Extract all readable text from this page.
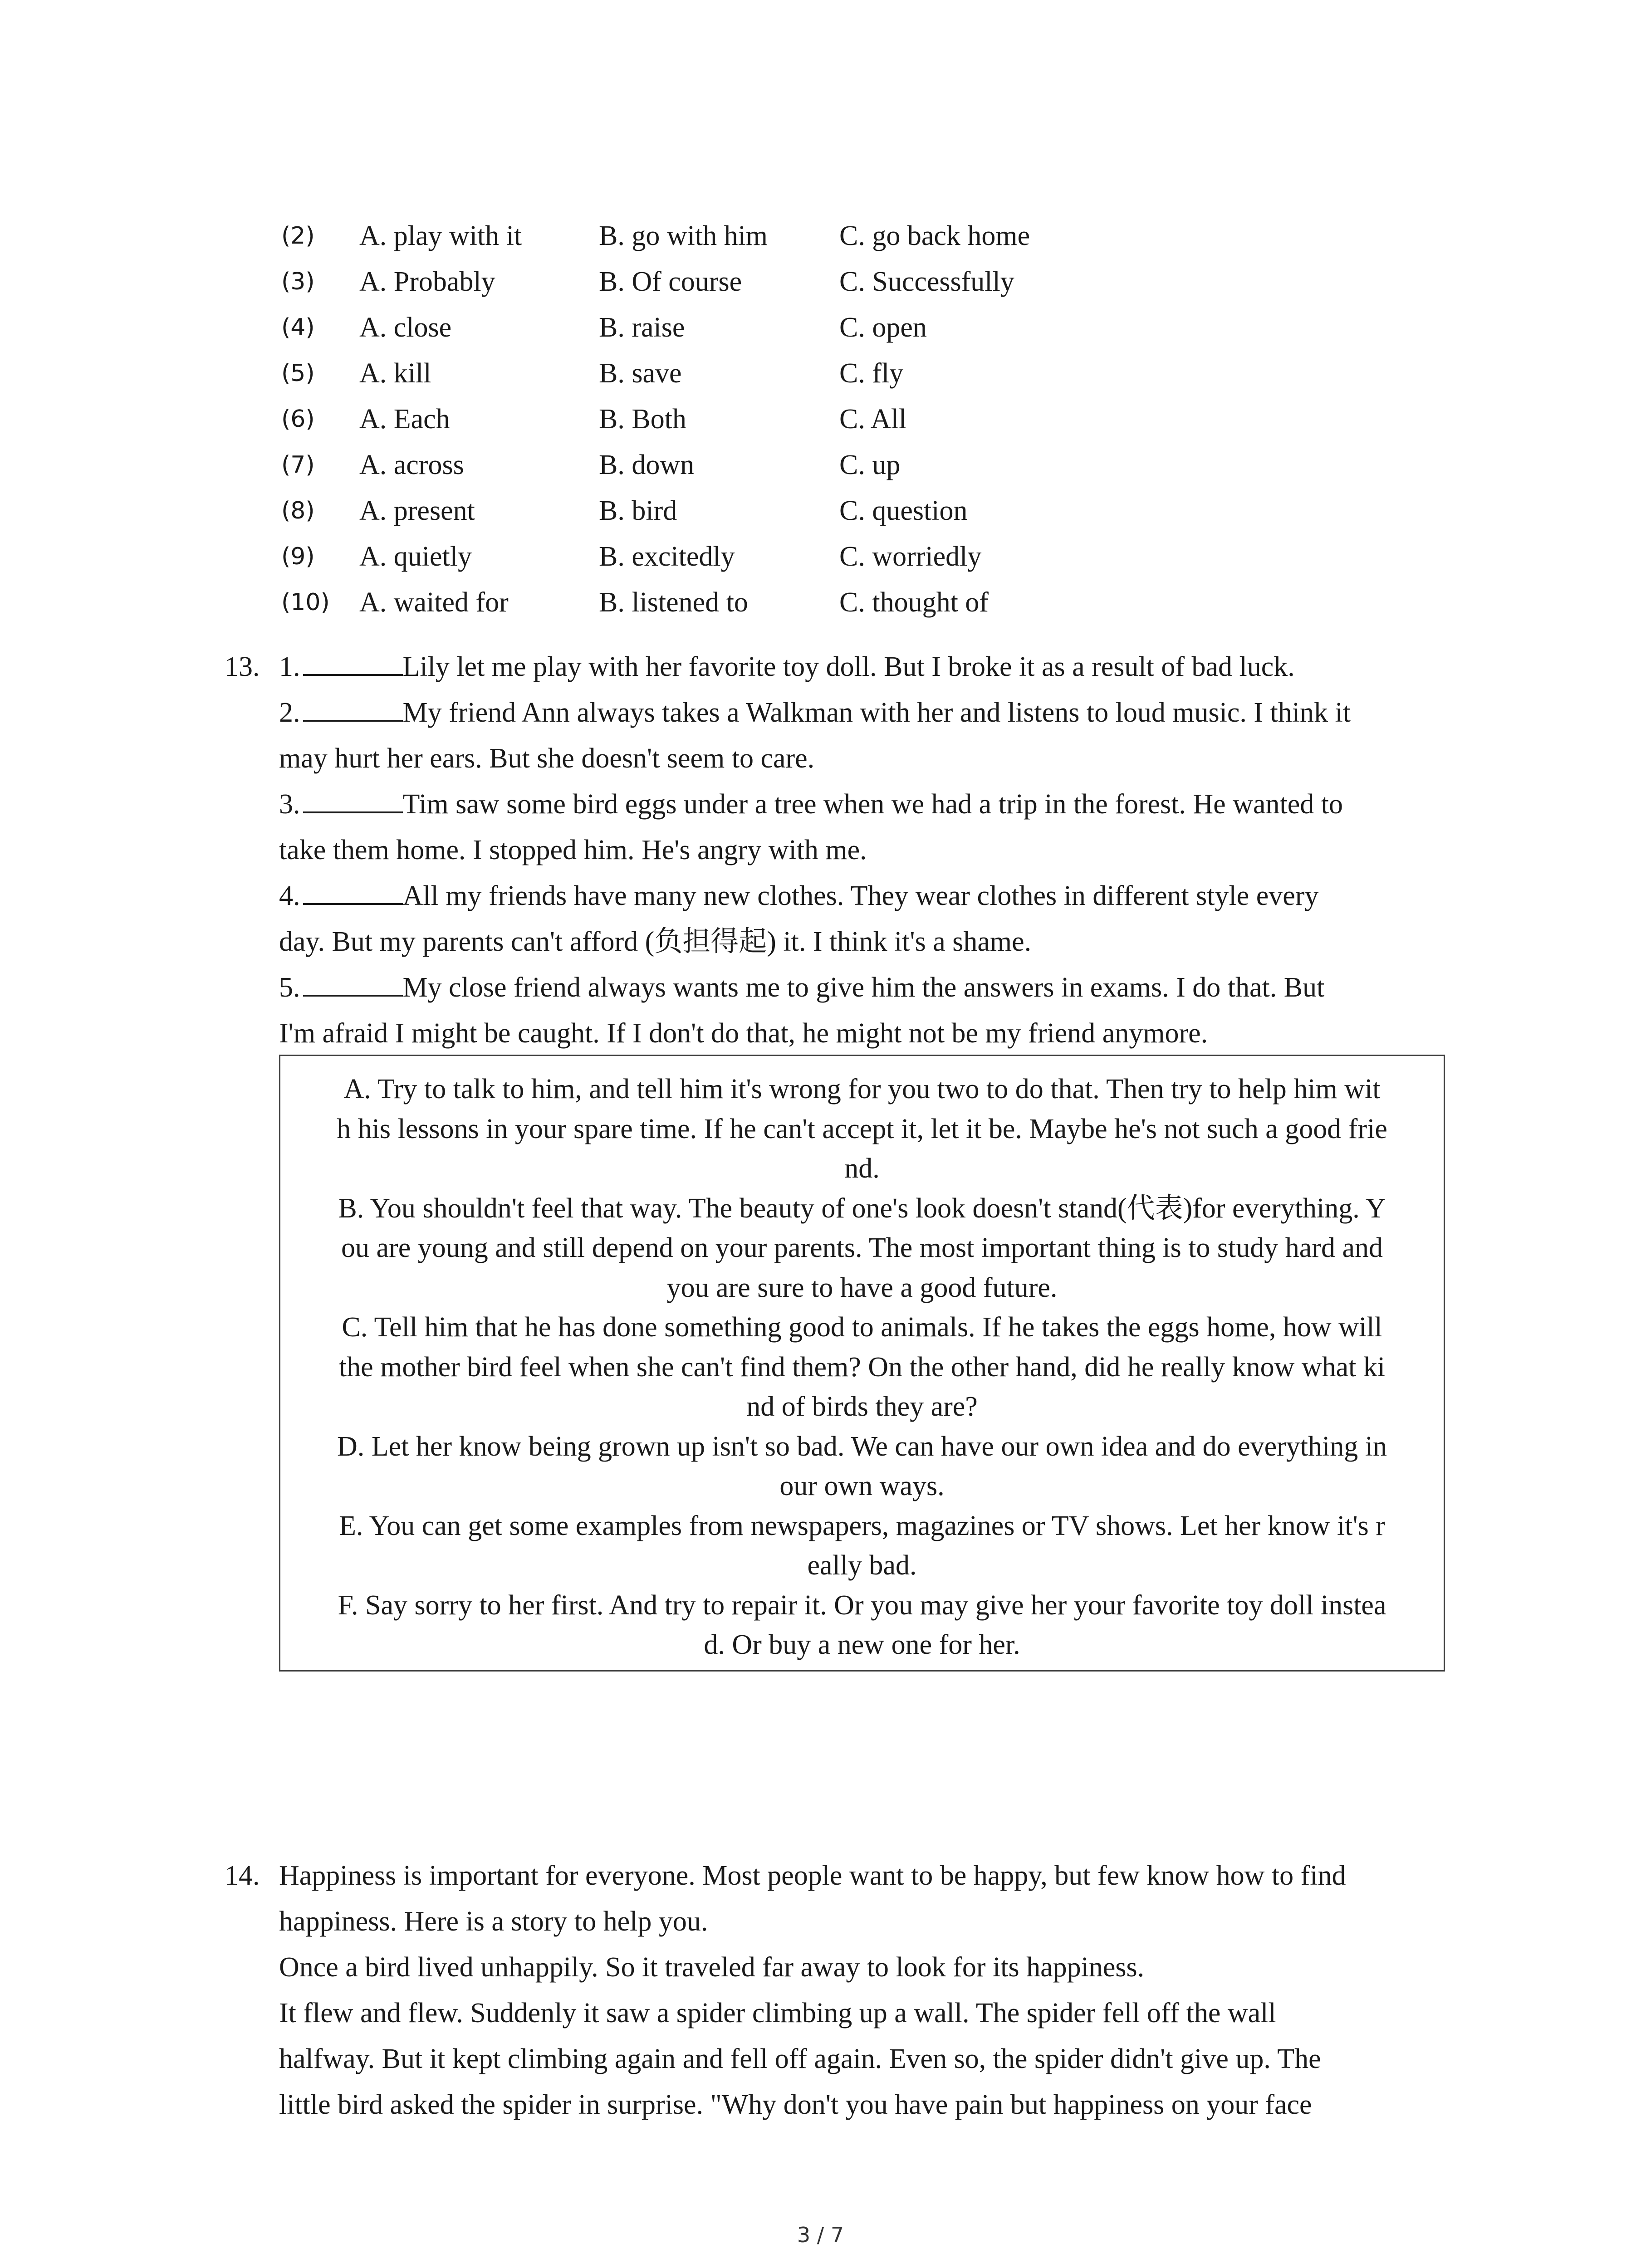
(2)	A. play with it	B. go with him	C. go back home
(3)	A. Probably	B. Of course	C. Successfully
(4)	A. close	B. raise	C. open
(5)	A. kill	B. save	C. fly
(6)	A. Each	B. Both	C. All
(7)	A. across	B. down	C. up
(8)	A. present	B. bird	C. question
(9)	A. quietly	B. excitedly	C. worriedly
(10)	A. waited for	B. listened to	C. thought of
13. 1.	Lily let me play with her favorite toy doll. But I broke it as a result of bad luck.

2.	My friend Ann always takes a Walkman with her and listens to loud music. I think it

may hurt her ears. But she doesn't seem to care.

3.	Tim saw some bird eggs under a tree when we had a trip in the forest. He wanted to

take them home. I stopped him. He's angry with me.

4.	All my friends have many new clothes. They wear clothes in different style every

day. But my parents can't afford (负担得起) it. I think it's a shame.

5.	My close friend always wants me to give him the answers in exams. I do that. But

I'm afraid I might be caught. If I don't do that, he might not be my friend anymore.

A. Try to talk to him, and tell him it's wrong for you two to do that. Then try to help him wit

h his lessons in your spare time. If he can't accept it, let it be. Maybe he's not such a good frie

nd.

B. You shouldn't feel that way. The beauty of one's look doesn't stand(代表)for everything. Y

ou are young and still depend on your parents. The most important thing is to study hard and

you are sure to have a good future.

C. Tell him that he has done something good to animals. If he takes the eggs home, how will

the mother bird feel when she can't find them? On the other hand, did he really know what ki

nd of birds they are?

D. Let her know being grown up isn't so bad. We can have our own idea and do everything in

our own ways.

E. You can get some examples from newspapers, magazines or TV shows. Let her know it's r

eally bad.

F. Say sorry to her first. And try to repair it. Or you may give her your favorite toy doll instea

d. Or buy a new one for her.

14. Happiness is important for everyone. Most people want to be happy, but few know how to find

happiness. Here is a story to help you.

Once a bird lived unhappily. So it traveled far away to look for its happiness.

It flew and flew. Suddenly it saw a spider climbing up a wall. The spider fell off the wall

halfway. But it kept climbing again and fell off again. Even so, the spider didn't give up. The

little bird asked the spider in surprise. "Why don't you have pain but happiness on your face

3 / 7
